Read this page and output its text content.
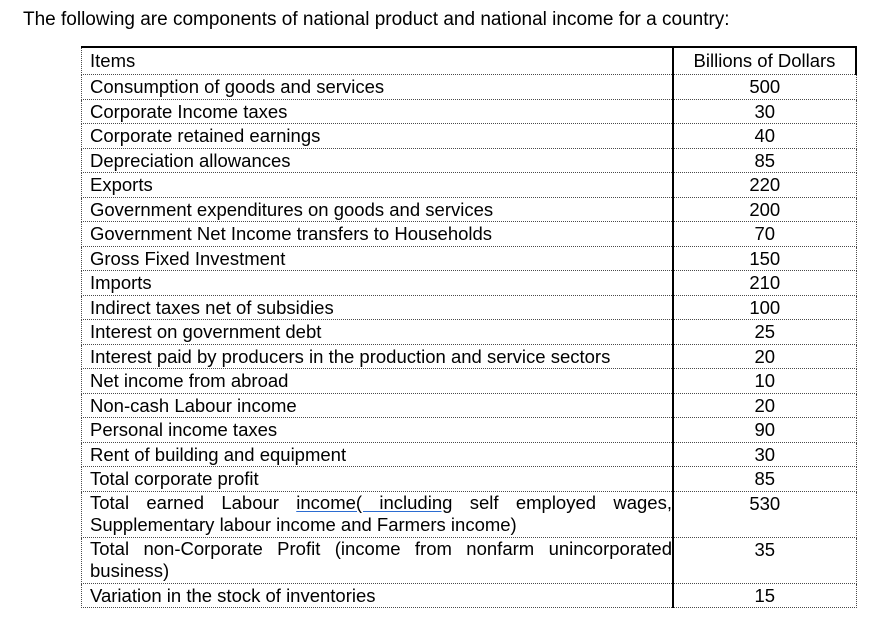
The following are components of national product and national income for a country:

Items	Billions of Dollars
Consumption of goods and services	500
Corporate Income taxes	30
Corporate retained earnings	40
Depreciation allowances	85
Exports	220
Government expenditures on goods and services	200
Government Net Income transfers to Households	70
Gross Fixed Investment	150
Imports	210
Indirect taxes net of subsidies	100
Interest on government debt	25
Interest paid by producers in the production and service sectors	20
Net income from abroad	10
Non-cash Labour income	20
Personal income taxes	90
Rent of building and equipment	30
Total corporate profit	85
Total earned Labour income( including self employed wages, Supplementary labour income and Farmers income)	530
Total non-Corporate Profit (income from nonfarm unincorporated business)	35
Variation in the stock of inventories	15
